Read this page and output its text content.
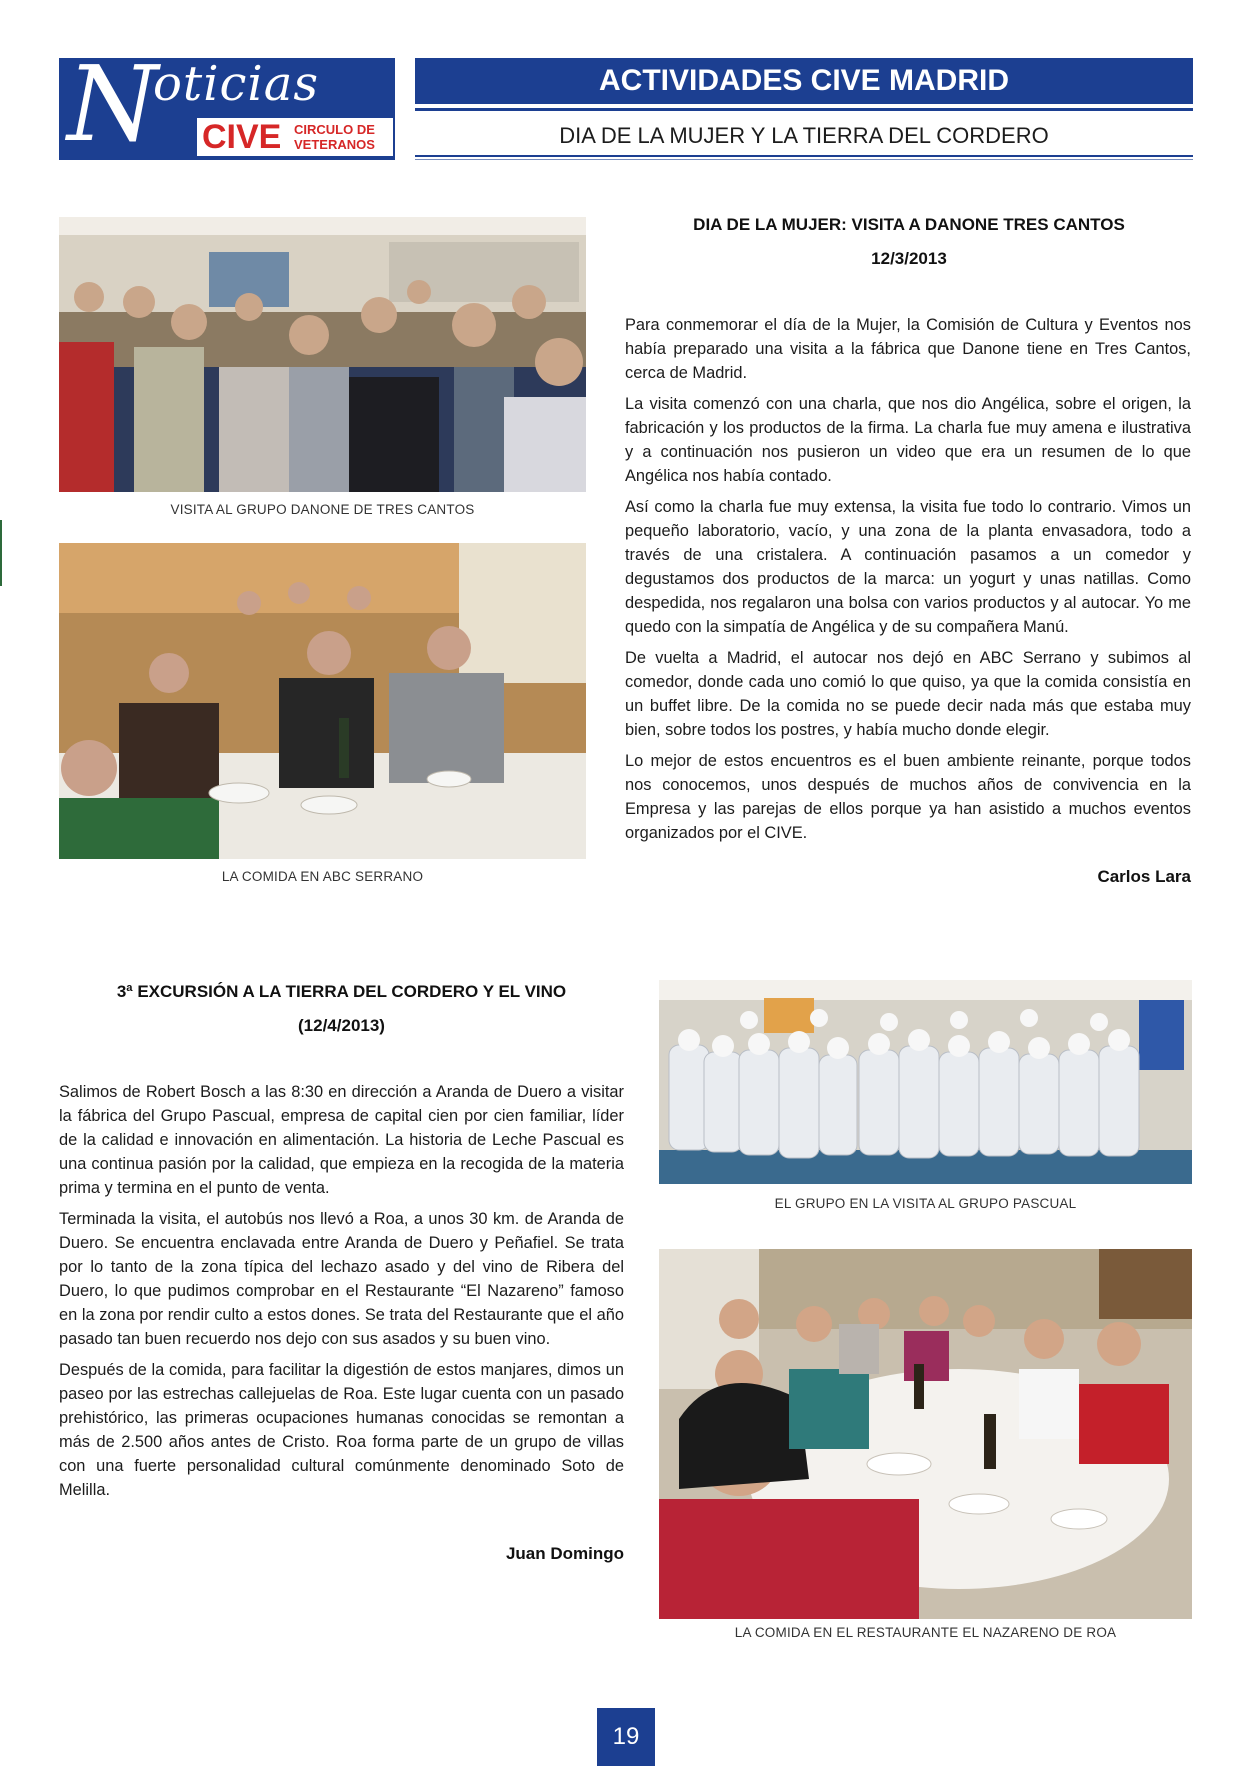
N
oticias
CIVE CIRCULO DE
VETERANOS
ACTIVIDADES CIVE MADRID
DIA DE LA MUJER Y LA TIERRA DEL CORDERO
VISITA AL GRUPO DANONE DE TRES CANTOS
LA COMIDA EN ABC SERRANO
DIA DE LA MUJER: VISITA A DANONE TRES CANTOS
12/3/2013

Para conmemorar el día de la Mujer, la Comisión de Cultura y Eventos nos había preparado una visita a la fábrica que Danone tiene en Tres Cantos, cerca de Madrid.

La visita comenzó con una charla, que nos dio Angélica, sobre el origen, la fabricación y los productos de la firma. La charla fue muy amena e ilustrativa y a continuación nos pusieron un video que era un resumen de lo que Angélica nos había contado.

Así como la charla fue muy extensa, la visita fue todo lo contrario. Vimos un pequeño laboratorio, vacío, y una zona de la planta envasadora, todo a través de una cristalera. A continuación pasamos a un comedor y degustamos dos productos de la marca: un yogurt y unas natillas. Como despedida, nos regalaron una bolsa con varios productos y al autocar. Yo me quedo con la simpatía de Angélica y de su compañera Manú.

De vuelta a Madrid, el autocar nos dejó en ABC Serrano y subimos al comedor, donde cada uno comió lo que quiso, ya que la comida consistía en un buffet libre. De la comida no se puede decir nada más que estaba muy bien, sobre todos los postres, y había mucho donde elegir.

Lo mejor de estos encuentros es el buen ambiente reinante, porque todos nos conocemos, unos después de muchos años de convivencia en la Empresa y las parejas de ellos porque ya han asistido a muchos eventos organizados por el CIVE.

Carlos Lara
3ª EXCURSIÓN A LA TIERRA DEL CORDERO Y EL VINO
(12/4/2013)

Salimos de Robert Bosch a las 8:30 en dirección a Aranda de Duero a visitar la fábrica del Grupo Pascual, empresa de capital cien por cien familiar, líder de la calidad e innovación en alimentación. La historia de Leche Pascual es una continua pasión por la calidad, que empieza en la recogida de la materia prima y termina en el punto de venta.

Terminada la visita, el autobús nos llevó a Roa, a unos 30 km. de Aranda de Duero. Se encuentra enclavada entre Aranda de Duero y Peñafiel. Se trata por lo tanto de la zona típica del lechazo asado y del vino de Ribera del Duero, lo que pudimos comprobar en el Restaurante “El Nazareno” famoso en la zona por rendir culto a estos dones. Se trata del Restaurante que el año pasado tan buen recuerdo nos dejo con sus asados y su buen vino.

Después de la comida, para facilitar la digestión de estos manjares, dimos un paseo por las estrechas callejuelas de Roa. Este lugar cuenta con un pasado prehistórico, las primeras ocupaciones humanas conocidas se remontan a más de 2.500 años antes de Cristo. Roa forma parte de un grupo de villas con una fuerte personalidad cultural comúnmente denominado Soto de Melilla.

Juan Domingo
EL GRUPO EN LA VISITA AL GRUPO PASCUAL
LA COMIDA EN EL RESTAURANTE EL NAZARENO DE ROA
19
